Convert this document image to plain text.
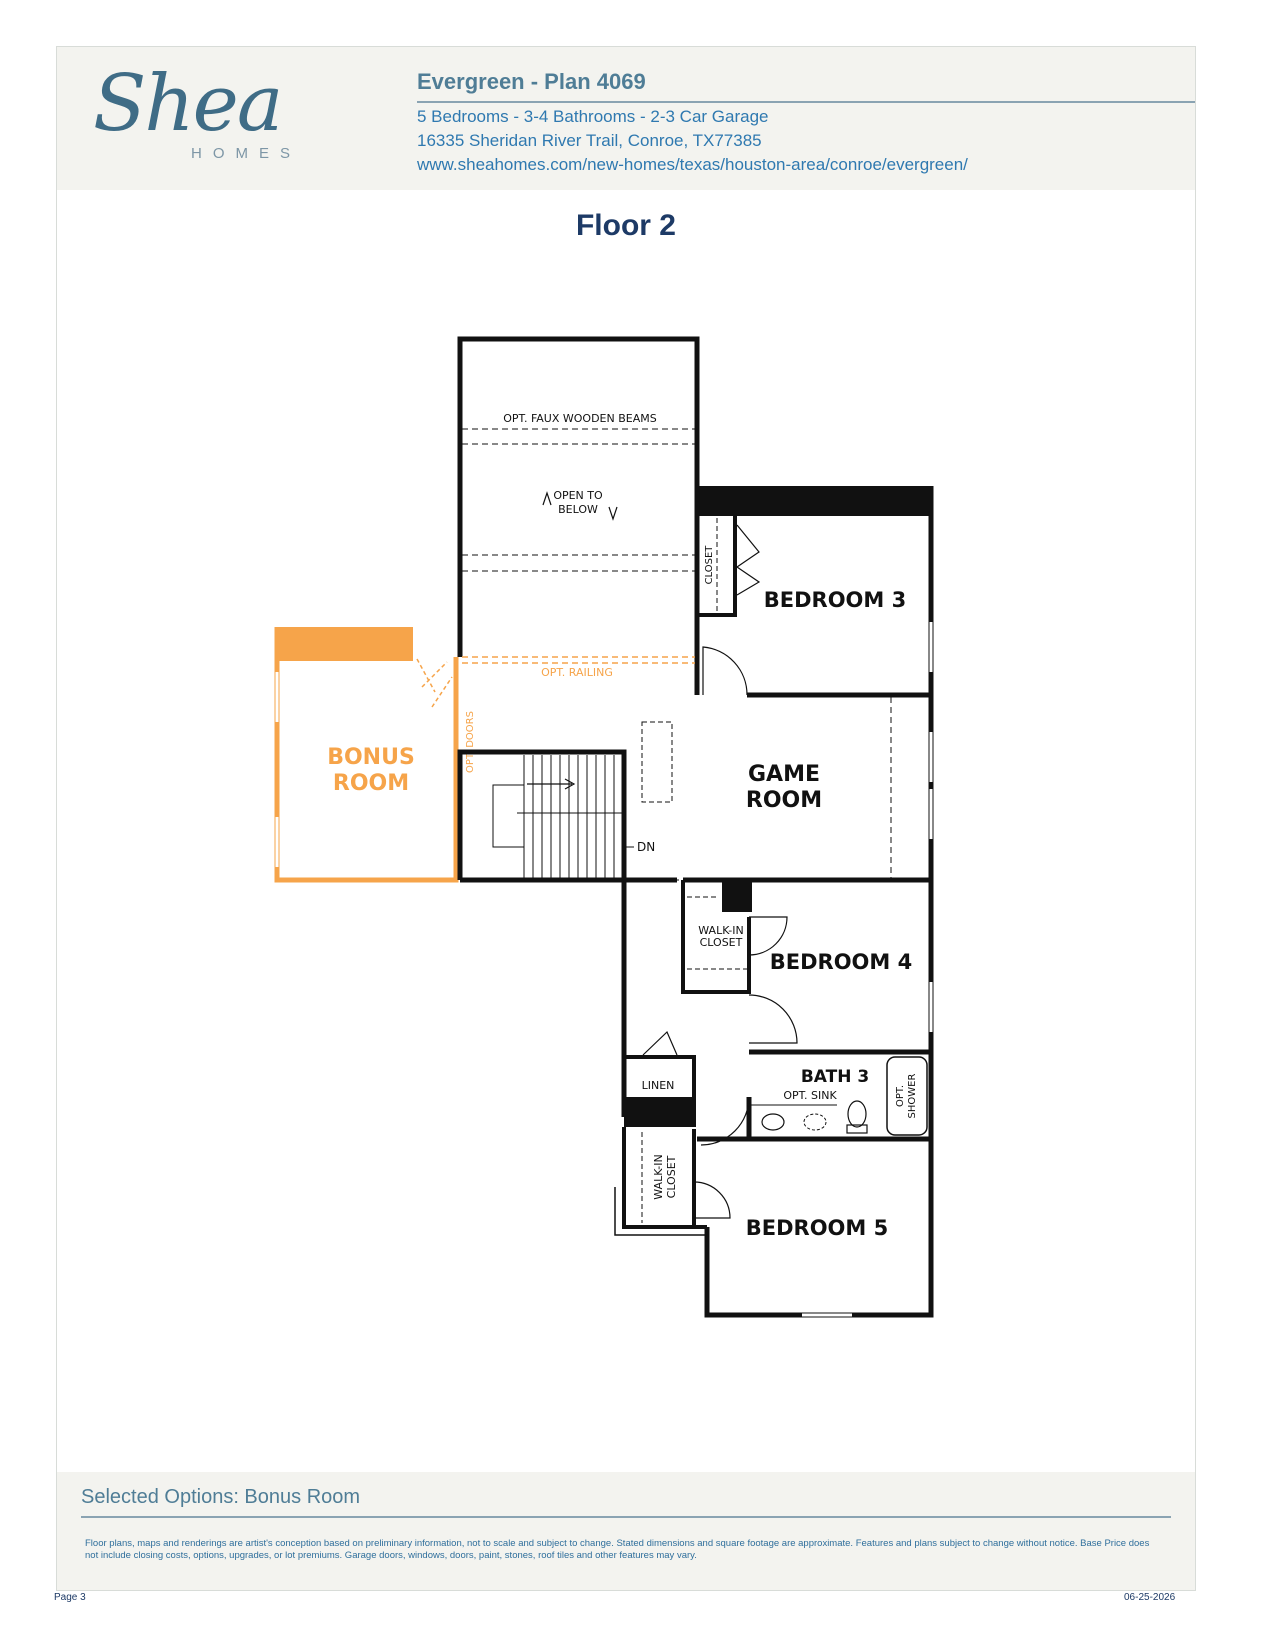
Shea
HOMES
Evergreen - Plan 4069
5 Bedrooms - 3-4 Bathrooms - 2-3 Car Garage
16335 Sheridan River Trail, Conroe, TX77385
www.sheahomes.com/new-homes/texas/houston-area/conroe/evergreen/
Floor 2
BONUS
ROOM
OPT. DOORS
OPT. FAUX WOODEN BEAMS
OPEN TO
BELOW
OPT. RAILING
CLOSET
BEDROOM 3
GAME
ROOM
DN
WALK-IN
CLOSET
BEDROOM 4
LINEN	BATH 3
OPT. SINK	OPT. SHOWER
WALK-IN CLOSET
BEDROOM 5
Selected Options: Bonus Room
Floor plans, maps and renderings are artist's conception based on preliminary information, not to scale and subject to change. Stated dimensions and square footage are approximate. Features and plans subject to change without notice. Base Price does not include closing costs, options, upgrades, or lot premiums. Garage doors, windows, doors, paint, stones, roof tiles and other features may vary.
Page 3	06-25-2026
